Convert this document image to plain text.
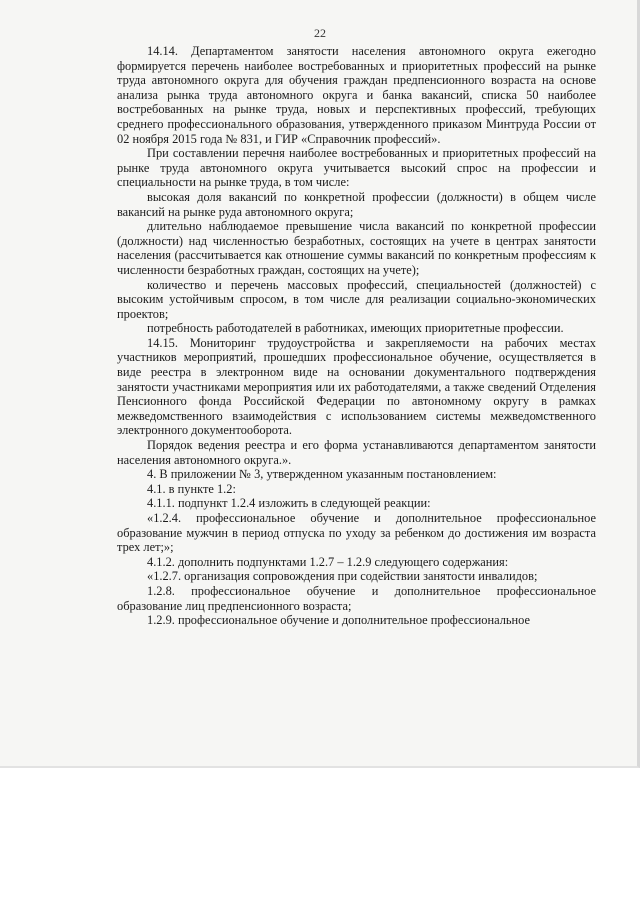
22

14.14. Департаментом занятости населения автономного округа ежегодно формируется перечень наиболее востребованных и приоритетных профессий на рынке труда автономного округа для обучения граждан предпенсионного возраста на основе анализа рынка труда автономного округа и банка вакансий, списка 50 наиболее востребованных на рынке труда, новых и перспективных профессий, требующих среднего профессионального образования, утвержденного приказом Минтруда России от 02 ноября 2015 года № 831, и ГИР «Справочник профессий».

При составлении перечня наиболее востребованных и приоритетных профессий на рынке труда автономного округа учитывается высокий спрос на профессии и специальности на рынке труда, в том числе:

высокая доля вакансий по конкретной профессии (должности) в общем числе вакансий на рынке руда автономного округа;

длительно наблюдаемое превышение числа вакансий по конкретной профессии (должности) над численностью безработных, состоящих на учете в центрах занятости населения (рассчитывается как отношение суммы вакансий по конкретным профессиям к численности безработных граждан, состоящих на учете);

количество и перечень массовых профессий, специальностей (должностей) с высоким устойчивым спросом, в том числе для реализации социально-экономических проектов;

потребность работодателей в работниках, имеющих приоритетные профессии.

14.15. Мониторинг трудоустройства и закрепляемости на рабочих местах участников мероприятий, прошедших профессиональное обучение, осуществляется в виде реестра в электронном виде на основании документального подтверждения занятости участниками мероприятия или их работодателями, а также сведений Отделения Пенсионного фонда Российской Федерации по автономному округу в рамках межведомственного взаимодействия с использованием системы межведомственного электронного документооборота.

Порядок ведения реестра и его форма устанавливаются департаментом занятости населения автономного округа.».

4. В приложении № 3, утвержденном указанным постановлением:

4.1. в пункте 1.2:

4.1.1. подпункт 1.2.4 изложить в следующей реакции:

«1.2.4. профессиональное обучение и дополнительное профессиональное образование мужчин в период отпуска по уходу за ребенком до достижения им возраста трех лет;»;

4.1.2. дополнить подпунктами 1.2.7 – 1.2.9 следующего содержания:

«1.2.7. организация сопровождения при содействии занятости инвалидов;

1.2.8. профессиональное обучение и дополнительное профессиональное образование лиц предпенсионного возраста;

1.2.9. профессиональное обучение и дополнительное профессиональное
